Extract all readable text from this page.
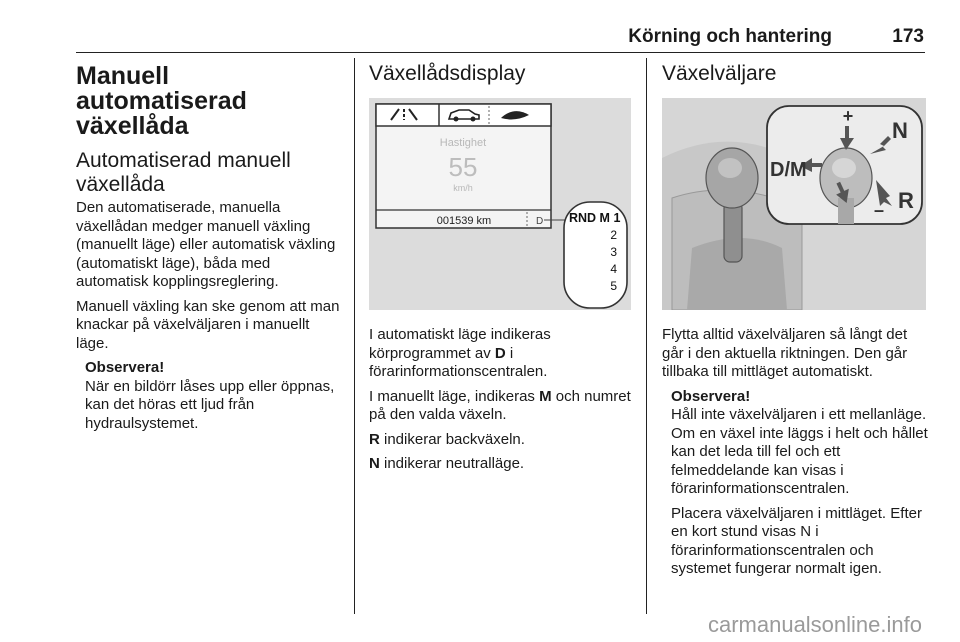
Körning och hantering	173
Manuell automatiserad växellåda
Automatiserad manuell växellåda

Den automatiserade, manuella växellådan medger manuell växling (manuellt läge) eller automatisk växling (automatiskt läge), båda med automatisk kopplingsreglering.

Manuell växling kan ske genom att man knackar på växelväljaren i manuellt läge.

Observera!
När en bildörr låses upp eller öppnas, kan det höras ett ljud från hydraulsystemet.

Växellådsdisplay
Hastighet
55
km/h
001539 km	D RND M 1
2
3
4
5

I automatiskt läge indikeras körprogrammet av D i förarinformationscentralen.

I manuellt läge, indikeras M och numret på den valda växeln.

R indikerar backväxeln.

N indikerar neutralläge.

Växelväljare
+
D/M
N
R
–

Flytta alltid växelväljaren så långt det går i den aktuella riktningen. Den går tillbaka till mittläget automatiskt.

Observera!
Håll inte växelväljaren i ett mellanläge. Om en växel inte läggs i helt och hållet kan det leda till fel och ett felmeddelande kan visas i förarinformationscentralen.

Placera växelväljaren i mittläget. Efter en kort stund visas N i förarinformationscentralen och systemet fungerar normalt igen.

carmanualsonline.info
